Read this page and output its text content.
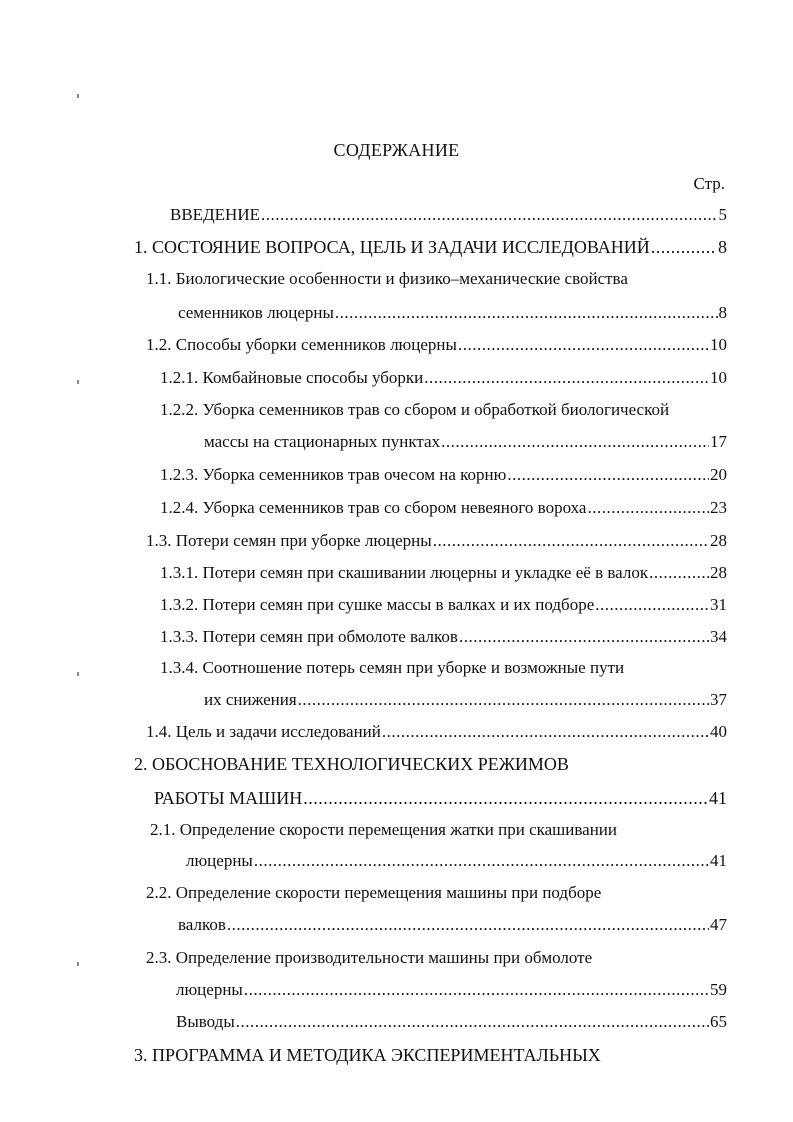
СОДЕРЖАНИЕ
Стр.
ВВЕДЕНИЕ .....	5
1. СОСТОЯНИЕ ВОПРОСА, ЦЕЛЬ И ЗАДАЧИ ИССЛЕДОВАНИЙ .....	8
1.1. Биологические особенности и физико–механические свойства
семенников люцерны .....	8
1.2. Способы уборки семенников люцерны .....	10
1.2.1. Комбайновые способы уборки .....	10
1.2.2. Уборка семенников трав со сбором и обработкой биологической
массы на стационарных пунктах .....	17
1.2.3. Уборка семенников трав очесом на корню .....	20
1.2.4. Уборка семенников трав со сбором невеяного вороха .....	23
1.3. Потери семян при уборке люцерны .....	28
1.3.1. Потери семян при скашивании люцерны и укладке её в валок .....	28
1.3.2. Потери семян при сушке массы в валках и их подборе .....	31
1.3.3. Потери семян при обмолоте валков .....	34
1.3.4. Соотношение потерь семян при уборке и возможные пути
их снижения .....	37
1.4. Цель и задачи исследований .....	40
2. ОБОСНОВАНИЕ ТЕХНОЛОГИЧЕСКИХ РЕЖИМОВ
РАБОТЫ МАШИН .....	41
2.1. Определение скорости перемещения жатки при скашивании
люцерны .....	41
2.2. Определение скорости перемещения машины при подборе
валков .....	47
2.3. Определение производительности машины при обмолоте
люцерны .....	59
Выводы .....	65
3. ПРОГРАММА И МЕТОДИКА ЭКСПЕРИМЕНТАЛЬНЫХ
